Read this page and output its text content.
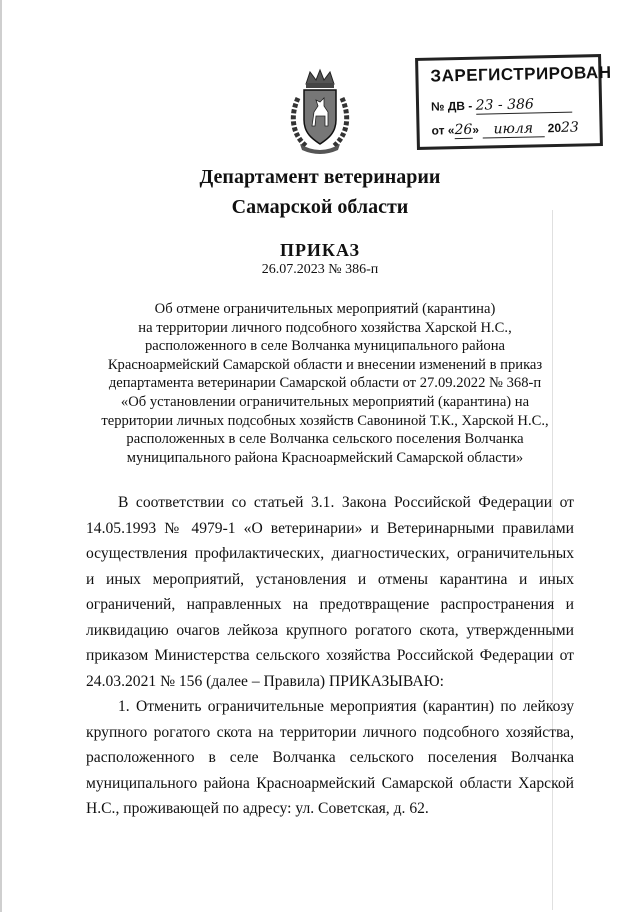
ЗАРЕГИСТРИРОВАН
№ ДВ - 23 - 386
от «26» июля 2023
Департамент ветеринарии
Самарской области
ПРИКАЗ
26.07.2023 № 386-п
Об отмене ограничительных мероприятий (карантина)
на территории личного подсобного хозяйства Харской Н.С.,
расположенного в селе Волчанка муниципального района
Красноармейский Самарской области и внесении изменений в приказ
департамента ветеринарии Самарской области от 27.09.2022 № 368-п
«Об установлении ограничительных мероприятий (карантина) на
территории личных подсобных хозяйств Савониной Т.К., Харской Н.С.,
расположенных в селе Волчанка сельского поселения Волчанка
муниципального района Красноармейский Самарской области»

В соответствии со статьей 3.1. Закона Российской Федерации от 14.05.1993 № 4979-1 «О ветеринарии» и Ветеринарными правилами осуществления профилактических, диагностических, ограничительных и иных мероприятий, установления и отмены карантина и иных ограничений, направленных на предотвращение распространения и ликвидацию очагов лейкоза крупного рогатого скота, утвержденными приказом Министерства сельского хозяйства Российской Федерации от 24.03.2021 № 156 (далее – Правила) ПРИКАЗЫВАЮ:

1. Отменить ограничительные мероприятия (карантин) по лейкозу крупного рогатого скота на территории личного подсобного хозяйства, расположенного в селе Волчанка сельского поселения Волчанка муниципального района Красноармейский Самарской области Харской Н.С., проживающей по адресу: ул. Советская, д. 62.
